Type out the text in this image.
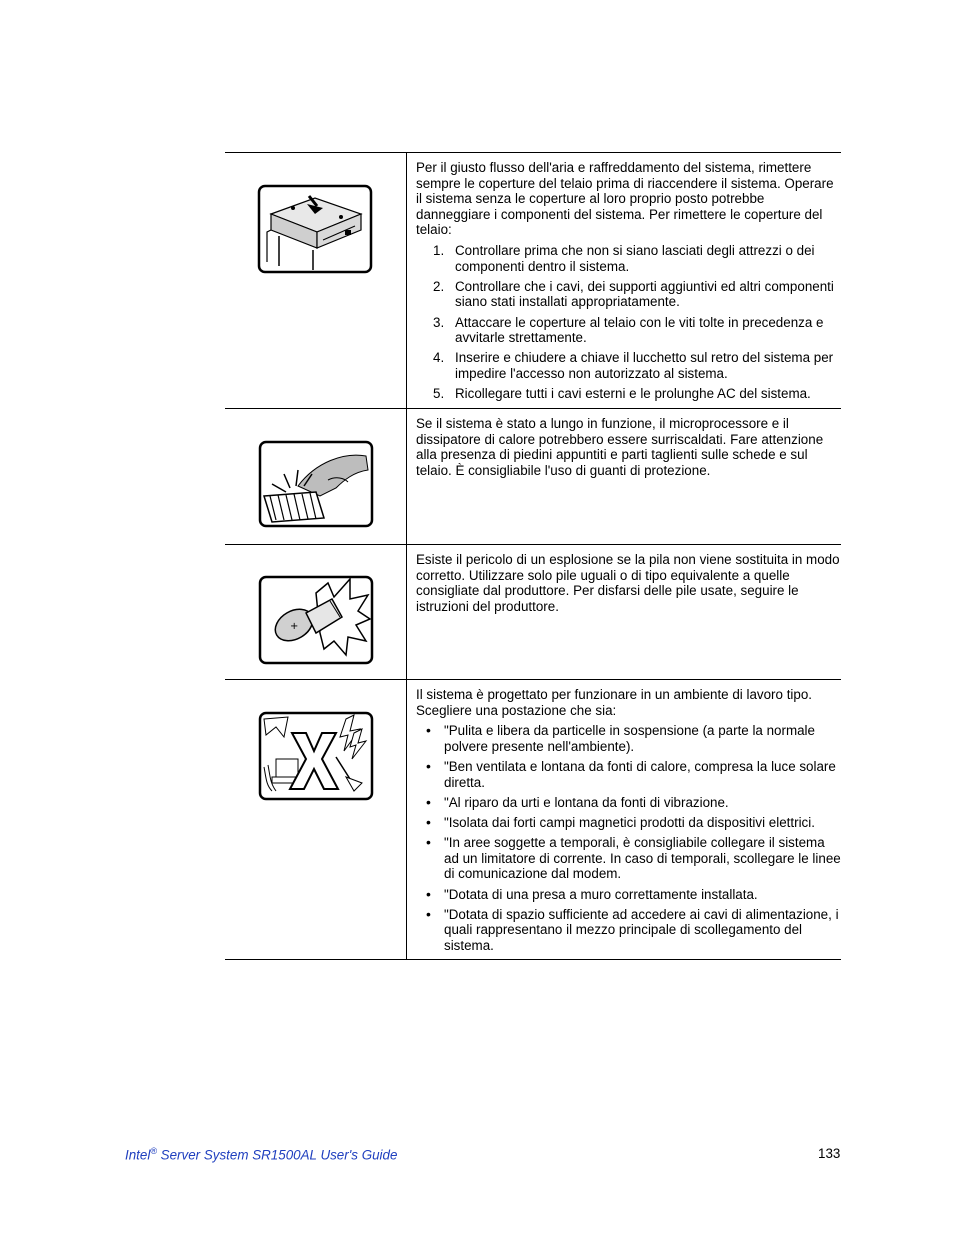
Per il giusto flusso dell'aria e raffreddamento del sistema, rimettere sempre le coperture del telaio prima di riaccendere il sistema. Operare il sistema senza le coperture al loro proprio posto potrebbe danneggiare i componenti del sistema. Per rimettere le coperture del telaio:

1. Controllare prima che non si siano lasciati degli attrezzi o dei componenti dentro il sistema.
2. Controllare che i cavi, dei supporti aggiuntivi ed altri componenti siano stati installati appropriatamente.
3. Attaccare le coperture al telaio con le viti tolte in precedenza e avvitarle strettamente.
4. Inserire e chiudere a chiave il lucchetto sul retro del sistema per impedire l'accesso non autorizzato al sistema.
5. Ricollegare tutti i cavi esterni e le prolunghe AC del sistema.

Se il sistema è stato a lungo in funzione, il microprocessore e il dissipatore di calore potrebbero essere surriscaldati. Fare attenzione alla presenza di piedini appuntiti e parti taglienti sulle schede e sul telaio. È consigliabile l'uso di guanti di protezione.

+

Esiste il pericolo di un esplosione se la pila non viene sostituita in modo corretto. Utilizzare solo pile uguali o di tipo equivalente a quelle consigliate dal produttore. Per disfarsi delle pile usate, seguire le istruzioni del produttore.

Il sistema è progettato per funzionare in un ambiente di lavoro tipo. Scegliere una postazione che sia:

• "Pulita e libera da particelle in sospensione (a parte la normale polvere presente nell'ambiente).
• "Ben ventilata e lontana da fonti di calore, compresa la luce solare diretta.
• "Al riparo da urti e lontana da fonti di vibrazione.
• "Isolata dai forti campi magnetici prodotti da dispositivi elettrici.
• "In aree soggette a temporali, è consigliabile collegare il sistema ad un limitatore di corrente. In caso di temporali, scollegare le linee di comunicazione dal modem.
• "Dotata di una presa a muro correttamente installata.
• "Dotata di spazio sufficiente ad accedere ai cavi di alimentazione, i quali rappresentano il mezzo principale di scollegamento del sistema.
Intel® Server System SR1500AL User's Guide	133
